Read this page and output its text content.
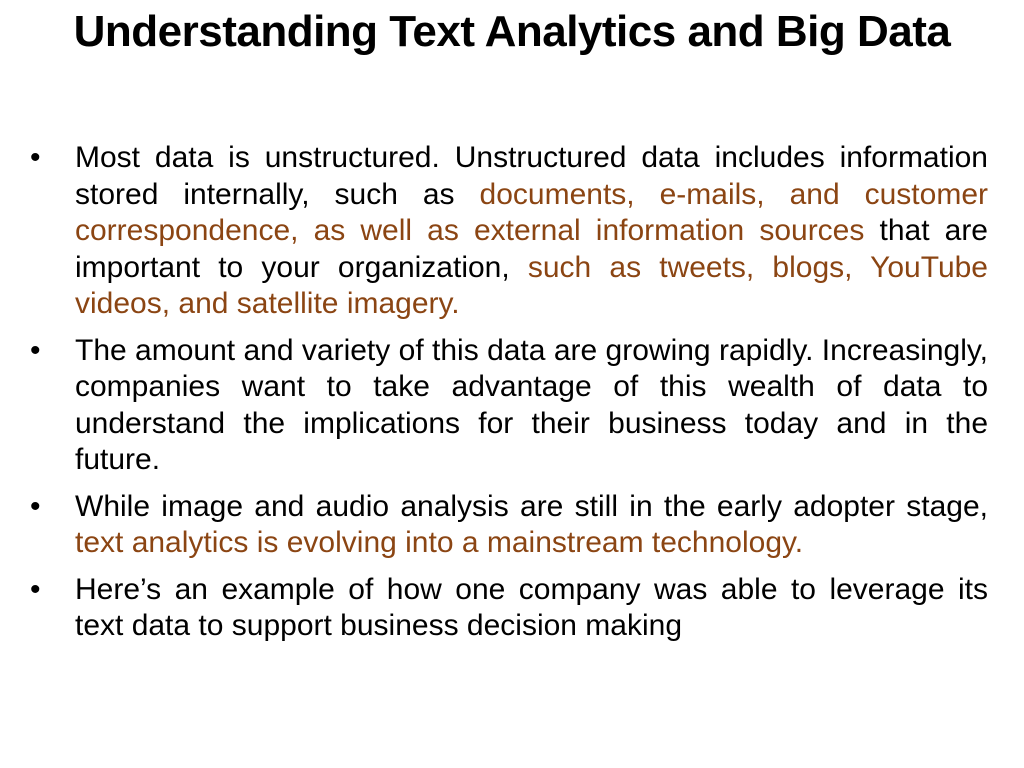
Understanding Text Analytics and Big Data
•	Most data is unstructured. Unstructured data includes information stored internally, such as documents, e-mails, and customer correspondence, as well as external information sources that are important to your organization, such as tweets, blogs, YouTube videos, and satellite imagery.
•	The amount and variety of this data are growing rapidly. Increasingly, companies want to take advantage of this wealth of data to understand the implications for their business today and in the future.
•	While image and audio analysis are still in the early adopter stage, text analytics is evolving into a mainstream technology.
•	Here’s an example of how one company was able to leverage its text data to support business decision making
